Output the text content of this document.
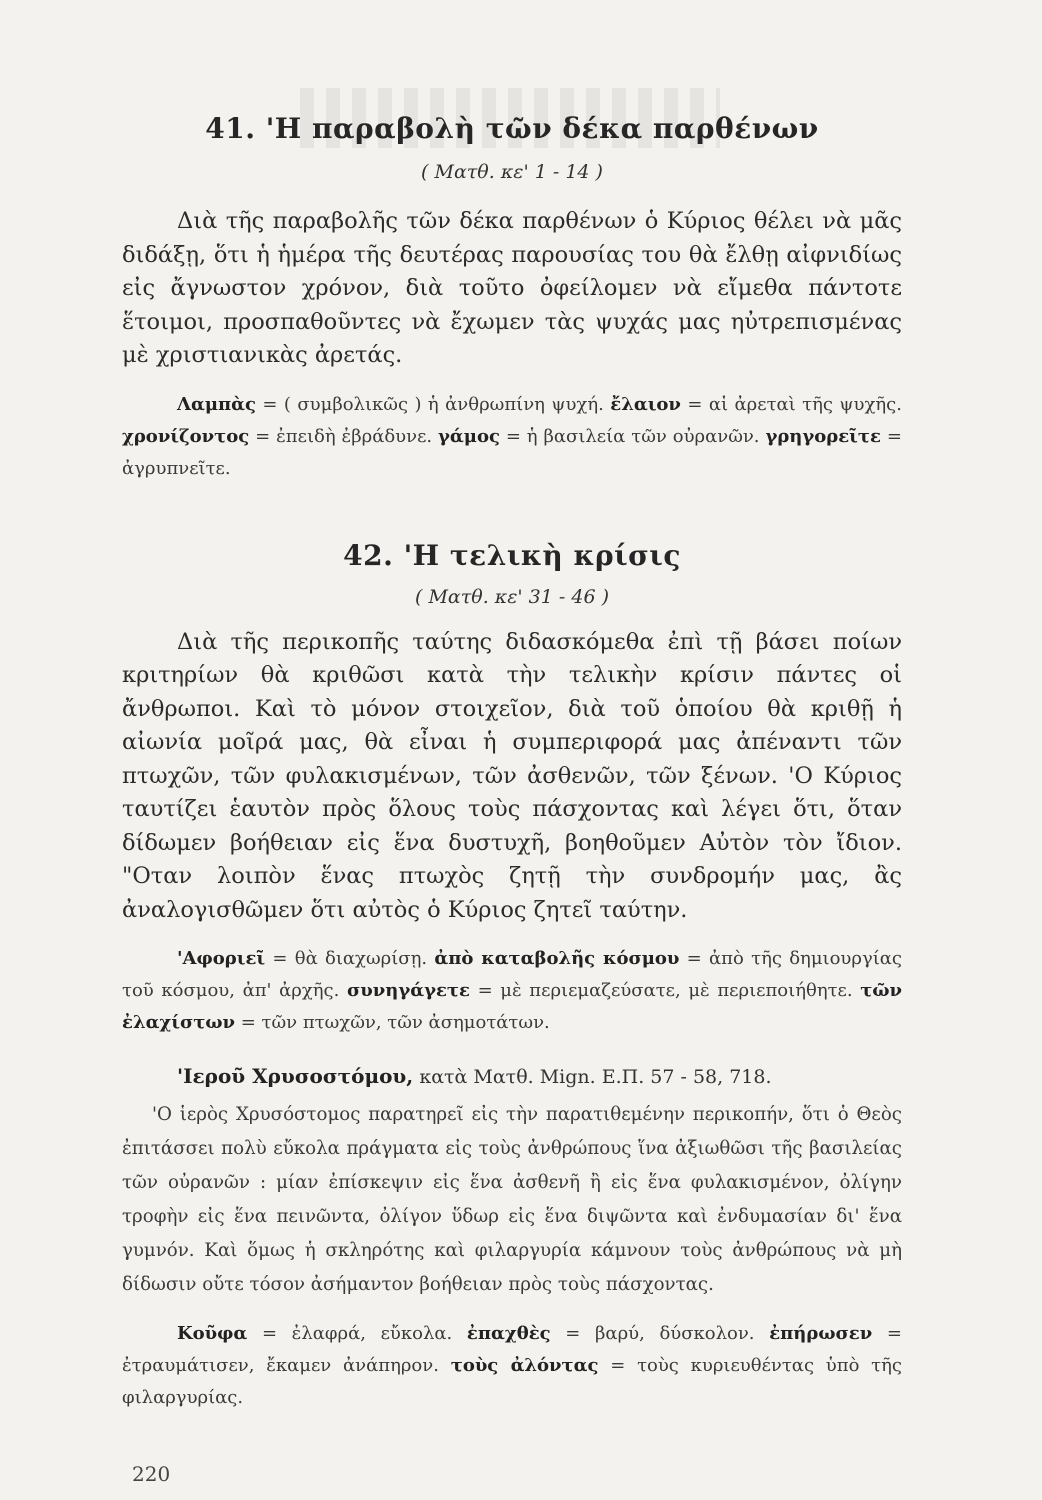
41. 'Η παραβολὴ τῶν δέκα παρθένων
( Ματθ. κε' 1 - 14 )

Διὰ τῆς παραβολῆς τῶν δέκα παρθένων ὁ Κύριος θέλει νὰ μᾶς διδάξῃ, ὅτι ἡ ἡμέρα τῆς δευτέρας παρουσίας του θὰ ἔλθῃ αἰφνιδίως εἰς ἄγνωστον χρόνον, διὰ τοῦτο ὀφείλομεν νὰ εἴμεθα πάντοτε ἕτοιμοι, προσπαθοῦντες νὰ ἔχωμεν τὰς ψυχάς μας ηὐτρεπισμένας μὲ χριστιανικὰς ἀρετάς.

Λαμπὰς = ( συμβολικῶς ) ἡ ἀνθρωπίνη ψυχή. ἔλαιον = αἱ ἀρεταὶ τῆς ψυχῆς. χρονίζοντος = ἐπειδὴ ἐβράδυνε. γάμος = ἡ βασιλεία τῶν οὐρανῶν. γρηγορεῖτε = ἀγρυπνεῖτε.

42. 'Η τελικὴ κρίσις
( Ματθ. κε' 31 - 46 )

Διὰ τῆς περικοπῆς ταύτης διδασκόμεθα ἐπὶ τῇ βάσει ποίων κριτηρίων θὰ κριθῶσι κατὰ τὴν τελικὴν κρίσιν πάντες οἱ ἄνθρωποι. Καὶ τὸ μόνον στοιχεῖον, διὰ τοῦ ὁποίου θὰ κριθῇ ἡ αἰωνία μοῖρά μας, θὰ εἶναι ἡ συμπεριφορά μας ἀπέναντι τῶν πτωχῶν, τῶν φυλακισμένων, τῶν ἀσθενῶν, τῶν ξένων. 'Ο Κύριος ταυτίζει ἑαυτὸν πρὸς ὅλους τοὺς πάσχοντας καὶ λέγει ὅτι, ὅταν δίδωμεν βοήθειαν εἰς ἕνα δυστυχῆ, βοηθοῦμεν Αὐτὸν τὸν ἴδιον. "Οταν λοιπὸν ἕνας πτωχὸς ζητῇ τὴν συνδρομήν μας, ἂς ἀναλογισθῶμεν ὅτι αὐτὸς ὁ Κύριος ζητεῖ ταύτην.

'Αφοριεῖ = θὰ διαχωρίσῃ. ἀπὸ καταβολῆς κόσμου = ἀπὸ τῆς δημιουργίας τοῦ κόσμου, ἀπ' ἀρχῆς. συνηγάγετε = μὲ περιεμαζεύσατε, μὲ περιεποιήθητε. τῶν ἐλαχίστων = τῶν πτωχῶν, τῶν ἀσημοτάτων.

'Ιεροῦ Χρυσοστόμου, κατὰ Ματθ. Mign. Ε.Π. 57 - 58, 718.

'Ο ἱερὸς Χρυσόστομος παρατηρεῖ εἰς τὴν παρατιθεμένην περικοπήν, ὅτι ὁ Θεὸς ἐπιτάσσει πολὺ εὔκολα πράγματα εἰς τοὺς ἀνθρώπους ἵνα ἀξιωθῶσι τῆς βασιλείας τῶν οὐρανῶν : μίαν ἐπίσκεψιν εἰς ἕνα ἀσθενῆ ἢ εἰς ἕνα φυλακισμένον, ὀλίγην τροφὴν εἰς ἕνα πεινῶντα, ὀλίγον ὕδωρ εἰς ἕνα διψῶντα καὶ ἐνδυμασίαν δι' ἕνα γυμνόν. Καὶ ὅμως ἡ σκληρότης καὶ φιλαργυρία κάμνουν τοὺς ἀνθρώπους νὰ μὴ δίδωσιν οὔτε τόσον ἀσήμαντον βοήθειαν πρὸς τοὺς πάσχοντας.

Κοῦφα = ἐλαφρά, εὔκολα. ἐπαχθὲς = βαρύ, δύσκολον. ἐπήρωσεν = ἐτραυμάτισεν, ἔκαμεν ἀνάπηρον. τοὺς ἀλόντας = τοὺς κυριευθέντας ὑπὸ τῆς φιλαργυρίας.

220
